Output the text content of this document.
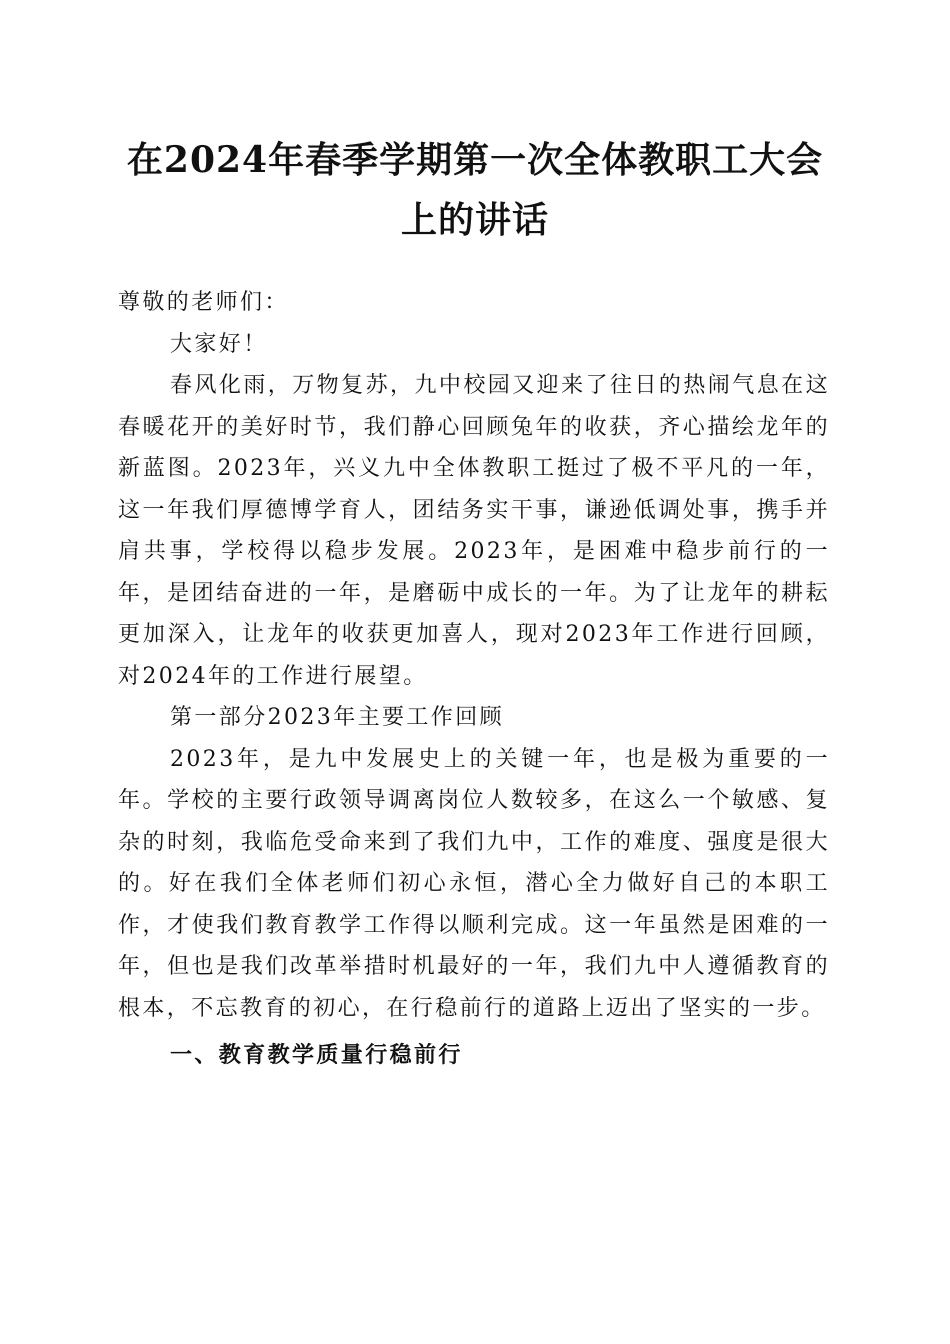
在2024年春季学期第一次全体教职工大会上的讲话

尊敬的老师们：

大家好！

春风化雨，万物复苏，九中校园又迎来了往日的热闹气息在这春暖花开的美好时节，我们静心回顾兔年的收获，齐心描绘龙年的新蓝图。2023年，兴义九中全体教职工挺过了极不平凡的一年，这一年我们厚德博学育人，团结务实干事，谦逊低调处事，携手并肩共事，学校得以稳步发展。2023年，是困难中稳步前行的一年，是团结奋进的一年，是磨砺中成长的一年。为了让龙年的耕耘更加深入，让龙年的收获更加喜人，现对2023年工作进行回顾，对2024年的工作进行展望。

第一部分2023年主要工作回顾

2023年，是九中发展史上的关键一年，也是极为重要的一年。学校的主要行政领导调离岗位人数较多，在这么一个敏感、复杂的时刻，我临危受命来到了我们九中，工作的难度、强度是很大的。好在我们全体老师们初心永恒，潜心全力做好自己的本职工作，才使我们教育教学工作得以顺利完成。这一年虽然是困难的一年，但也是我们改革举措时机最好的一年，我们九中人遵循教育的根本，不忘教育的初心，在行稳前行的道路上迈出了坚实的一步。

一、教育教学质量行稳前行
